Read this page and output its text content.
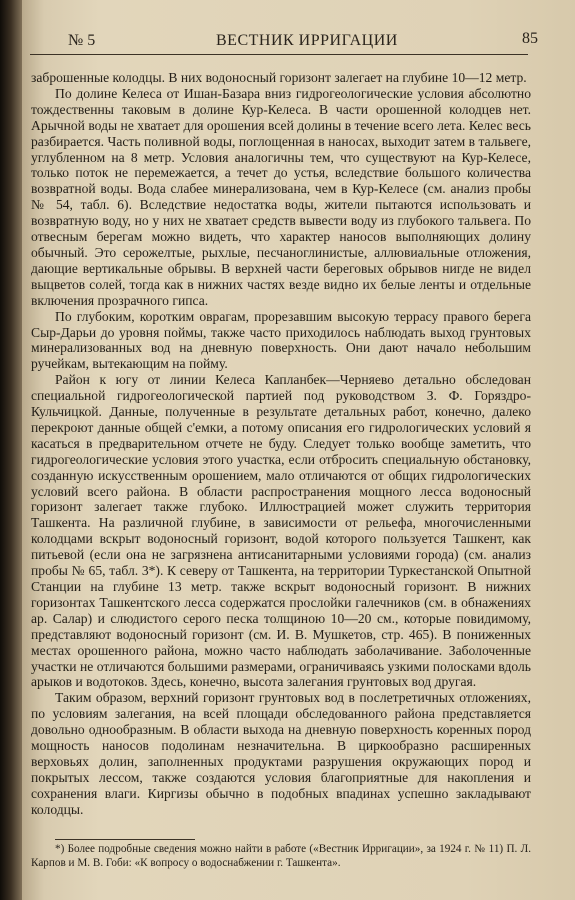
№ 5	ВЕСТНИК ИРРИГАЦИИ	85

заброшенные колодцы. В них водоносный горизонт залегает на глубине 10—12 метр.

По долине Келеса от Ишан-Базара вниз гидрогеологические условия абсолютно тождественны таковым в долине Кур-Келеса. В части орошенной колодцев нет. Арычной воды не хватает для орошения всей долины в течение всего лета. Келес весь разбирается. Часть поливной воды, поглощенная в наносах, выходит затем в тальвеге, углубленном на 8 метр. Условия аналогичны тем, что существуют на Кур-Келесе, только поток не перемежается, а течет до устья, вследствие большого количества возвратной воды. Вода слабее минерализована, чем в Кур-Келесе (см. анализ пробы № 54, табл. 6). Вследствие недостатка воды, жители пытаются использовать и возвратную воду, но у них не хватает средств вывести воду из глубокого тальвега. По отвесным берегам можно видеть, что характер наносов выполняющих долину обычный. Это серожелтые, рыхлые, песчаноглинистые, аллювиальные отложения, дающие вертикальные обрывы. В верхней части береговых обрывов нигде не видел выцветов солей, тогда как в нижних частях везде видно их белые ленты и отдельные включения прозрачного гипса.

По глубоким, коротким оврагам, прорезавшим высокую террасу правого берега Сыр-Дарьи до уровня поймы, также часто приходилось наблюдать выход грунтовых минерализованных вод на дневную поверхность. Они дают начало небольшим ручейкам, вытекающим на пойму.

Район к югу от линии Келеса Капланбек—Черняево детально обследован специальной гидрогеологической партией под руководством З. Ф. Горяздро-Кульчицкой. Данные, полученные в результате детальных работ, конечно, далеко перекроют данные общей с'емки, а потому описания его гидрологических условий я касаться в предварительном отчете не буду. Следует только вообще заметить, что гидрогеологические условия этого участка, если отбросить специальную обстановку, созданную искусственным орошением, мало отличаются от общих гидрологических условий всего района. В области распространения мощного лесса водоносный горизонт залегает также глубоко. Иллюстрацией может служить территория Ташкента. На различной глубине, в зависимости от рельефа, многочисленными колодцами вскрыт водоносный горизонт, водой которого пользуется Ташкент, как питьевой (если она не загрязнена антисанитарными условиями города) (см. анализ пробы № 65, табл. 3*). К северу от Ташкента, на территории Туркестанской Опытной Станции на глубине 13 метр. также вскрыт водоносный горизонт. В нижних горизонтах Ташкентского лесса содержатся прослойки галечников (см. в обнажениях ар. Салар) и слюдистого серого песка толщиною 10—20 см., которые повидимому, представляют водоносный горизонт (см. И. В. Мушкетов, стр. 465). В пониженных местах орошенного района, можно часто наблюдать заболачивание. Заболоченные участки не отличаются большими размерами, ограничиваясь узкими полосками вдоль арыков и водотоков. Здесь, конечно, высота залегания грунтовых вод другая.

Таким образом, верхний горизонт грунтовых вод в послетретичных отложениях, по условиям залегания, на всей площади обследованного района представляется довольно однообразным. В области выхода на дневную поверхность коренных пород мощность наносов подолинам незначительна. В циркообразно расширенных верховьях долин, заполненных продуктами разрушения окружающих пород и покрытых лессом, также создаются условия благоприятные для накопления и сохранения влаги. Киргизы обычно в подобных впадинах успешно закладывают колодцы.

*) Более подробные сведения можно найти в работе («Вестник Ирригации», за 1924 г. № 11) П. Л. Карпов и М. В. Гоби: «К вопросу о водоснабжении г. Ташкента».
